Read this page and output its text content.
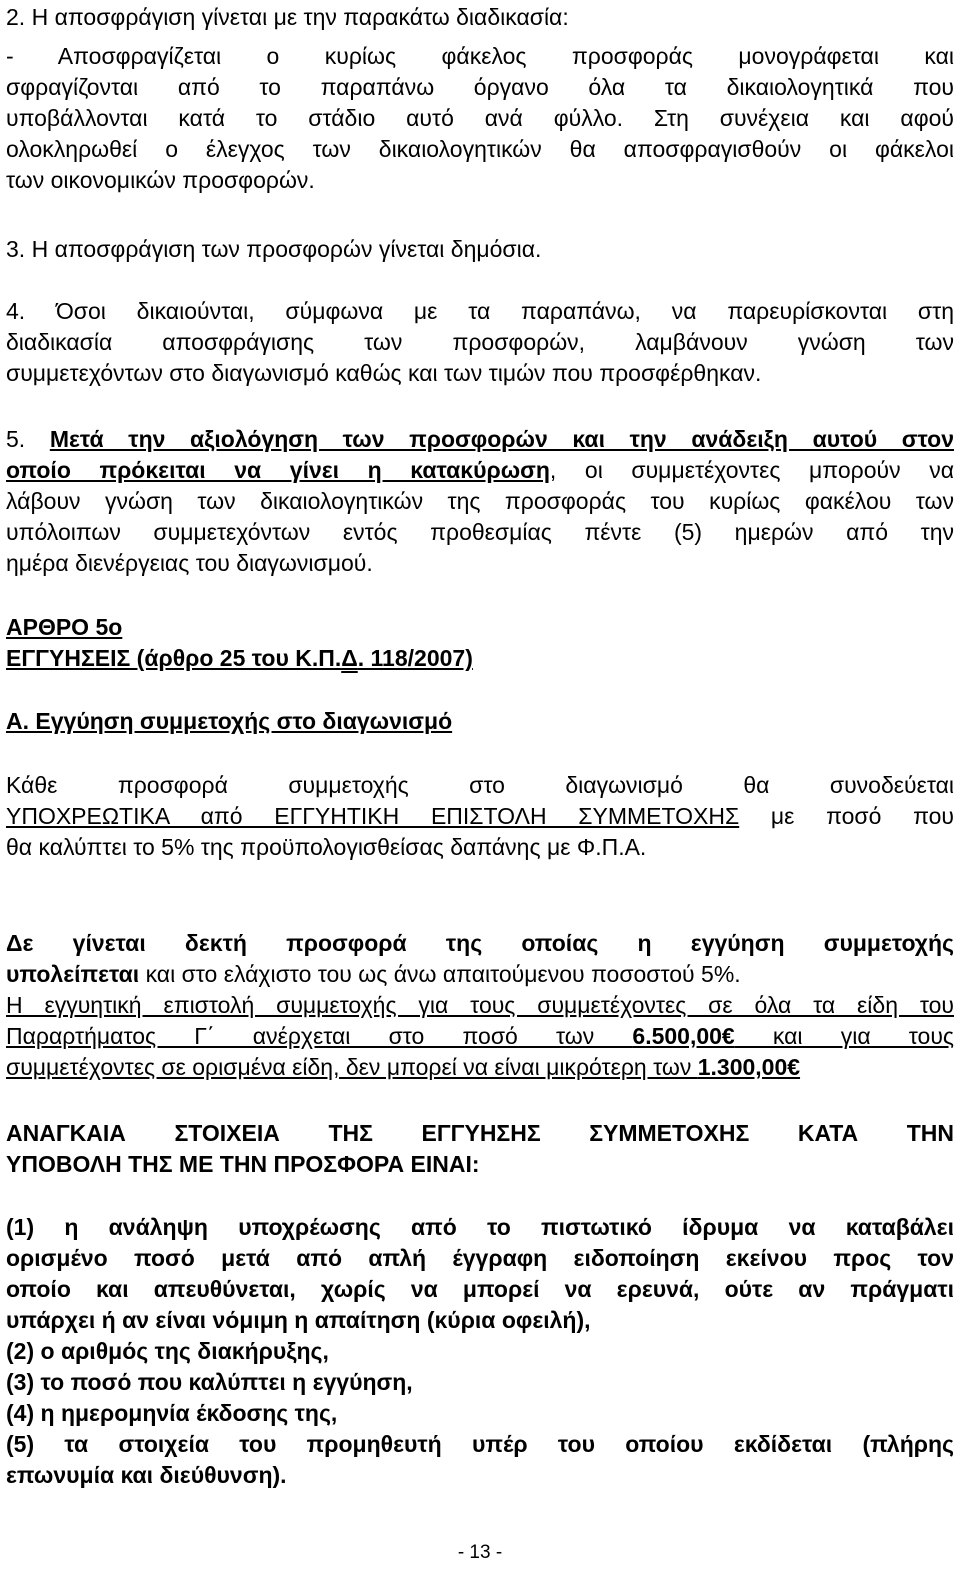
2. Η αποσφράγιση γίνεται με την παρακάτω διαδικασία:
- Αποσφραγίζεται ο κυρίως φάκελος προσφοράς μονογράφεται και
σφραγίζονται από το παραπάνω όργανο όλα τα δικαιολογητικά που
υποβάλλονται κατά το στάδιο αυτό ανά φύλλο. Στη συνέχεια και αφού
ολοκληρωθεί ο έλεγχος των δικαιολογητικών θα αποσφραγισθούν οι φάκελοι
των οικονομικών προσφορών.
3. Η αποσφράγιση των προσφορών γίνεται δημόσια.
4. Όσοι δικαιούνται, σύμφωνα με τα παραπάνω, να παρευρίσκονται στη
διαδικασία αποσφράγισης των προσφορών, λαμβάνουν γνώση των
συμμετεχόντων στο διαγωνισμό καθώς και των τιμών που προσφέρθηκαν.
5. Μετά την αξιολόγηση των προσφορών και την ανάδειξη αυτού στον
οποίο πρόκειται να γίνει η κατακύρωση, οι συμμετέχοντες μπορούν να
λάβουν γνώση των δικαιολογητικών της προσφοράς του κυρίως φακέλου των
υπόλοιπων συμμετεχόντων εντός προθεσμίας πέντε (5) ημερών από την
ημέρα διενέργειας του διαγωνισμού.
ΑΡΘΡΟ 5ο
ΕΓΓΥΗΣΕΙΣ (άρθρο 25 του Κ.Π.Δ. 118/2007)
Α. Εγγύηση συμμετοχής στο διαγωνισμό
Κάθε προσφορά συμμετοχής στο διαγωνισμό θα συνοδεύεται
ΥΠΟΧΡΕΩΤΙΚΑ από ΕΓΓΥΗΤΙΚΗ ΕΠΙΣΤΟΛΗ ΣΥΜΜΕΤΟΧΗΣ με ποσό που
θα καλύπτει το 5% της προϋπολογισθείσας δαπάνης με Φ.Π.Α.
Δε γίνεται δεκτή προσφορά της οποίας η εγγύηση συμμετοχής
υπολείπεται και στο ελάχιστο του ως άνω απαιτούμενου ποσοστού 5%.
Η εγγυητική επιστολή συμμετοχής για τους συμμετέχοντες σε όλα τα είδη του
Παραρτήματος Γ΄ ανέρχεται στο ποσό των 6.500,00€ και για τους
συμμετέχοντες σε ορισμένα είδη, δεν μπορεί να είναι μικρότερη των 1.300,00€
ΑΝΑΓΚΑΙΑ ΣΤΟΙΧΕΙΑ ΤΗΣ ΕΓΓΥΗΣΗΣ ΣΥΜΜΕΤΟΧΗΣ ΚΑΤΑ ΤΗΝ
ΥΠΟΒΟΛΗ ΤΗΣ ΜΕ ΤΗΝ ΠΡΟΣΦΟΡΑ ΕΙΝΑΙ:
(1) η ανάληψη υποχρέωσης από το πιστωτικό ίδρυμα να καταβάλει
ορισμένο ποσό μετά από απλή έγγραφη ειδοποίηση εκείνου προς τον
οποίο και απευθύνεται, χωρίς να μπορεί να ερευνά, ούτε αν πράγματι
υπάρχει ή αν είναι νόμιμη η απαίτηση (κύρια οφειλή),
(2) ο αριθμός της διακήρυξης,
(3) το ποσό που καλύπτει η εγγύηση,
(4) η ημερομηνία έκδοσης της,
(5) τα στοιχεία του προμηθευτή υπέρ του οποίου εκδίδεται (πλήρης
επωνυμία και διεύθυνση).
- 13 -
